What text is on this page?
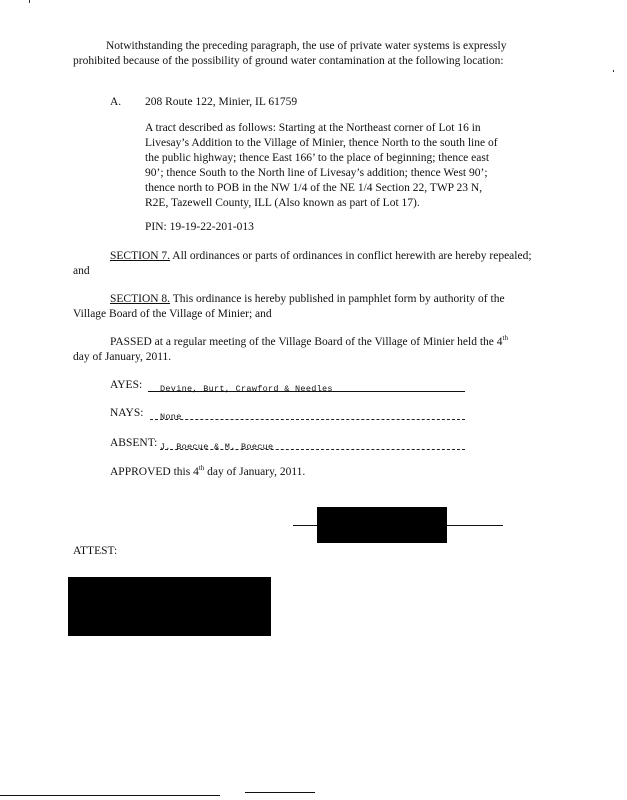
Notwithstanding the preceding paragraph, the use of private water systems is expressly
prohibited because of the possibility of ground water contamination at the following location:
A. 208 Route 122, Minier, IL 61759
A tract described as follows: Starting at the Northeast corner of Lot 16 in
Livesay’s Addition to the Village of Minier, thence North to the south line of
the public highway; thence East 166’ to the place of beginning; thence east
90’; thence South to the North line of Livesay’s addition; thence West 90’;
thence north to POB in the NW 1/4 of the NE 1/4 Section 22, TWP 23 N,
R2E, Tazewell County, ILL (Also known as part of Lot 17).
PIN: 19-19-22-201-013
SECTION 7. All ordinances or parts of ordinances in conflict herewith are hereby repealed;
and
SECTION 8. This ordinance is hereby published in pamphlet form by authority of the
Village Board of the Village of Minier; and
PASSED at a regular meeting of the Village Board of the Village of Minier held the 4th
day of January, 2011.
AYES: Devine, Burt, Crawford & Needles
NAYS: None
ABSENT: J. Boecue & M. Boecue
APPROVED this 4th day of January, 2011.
ATTEST:
